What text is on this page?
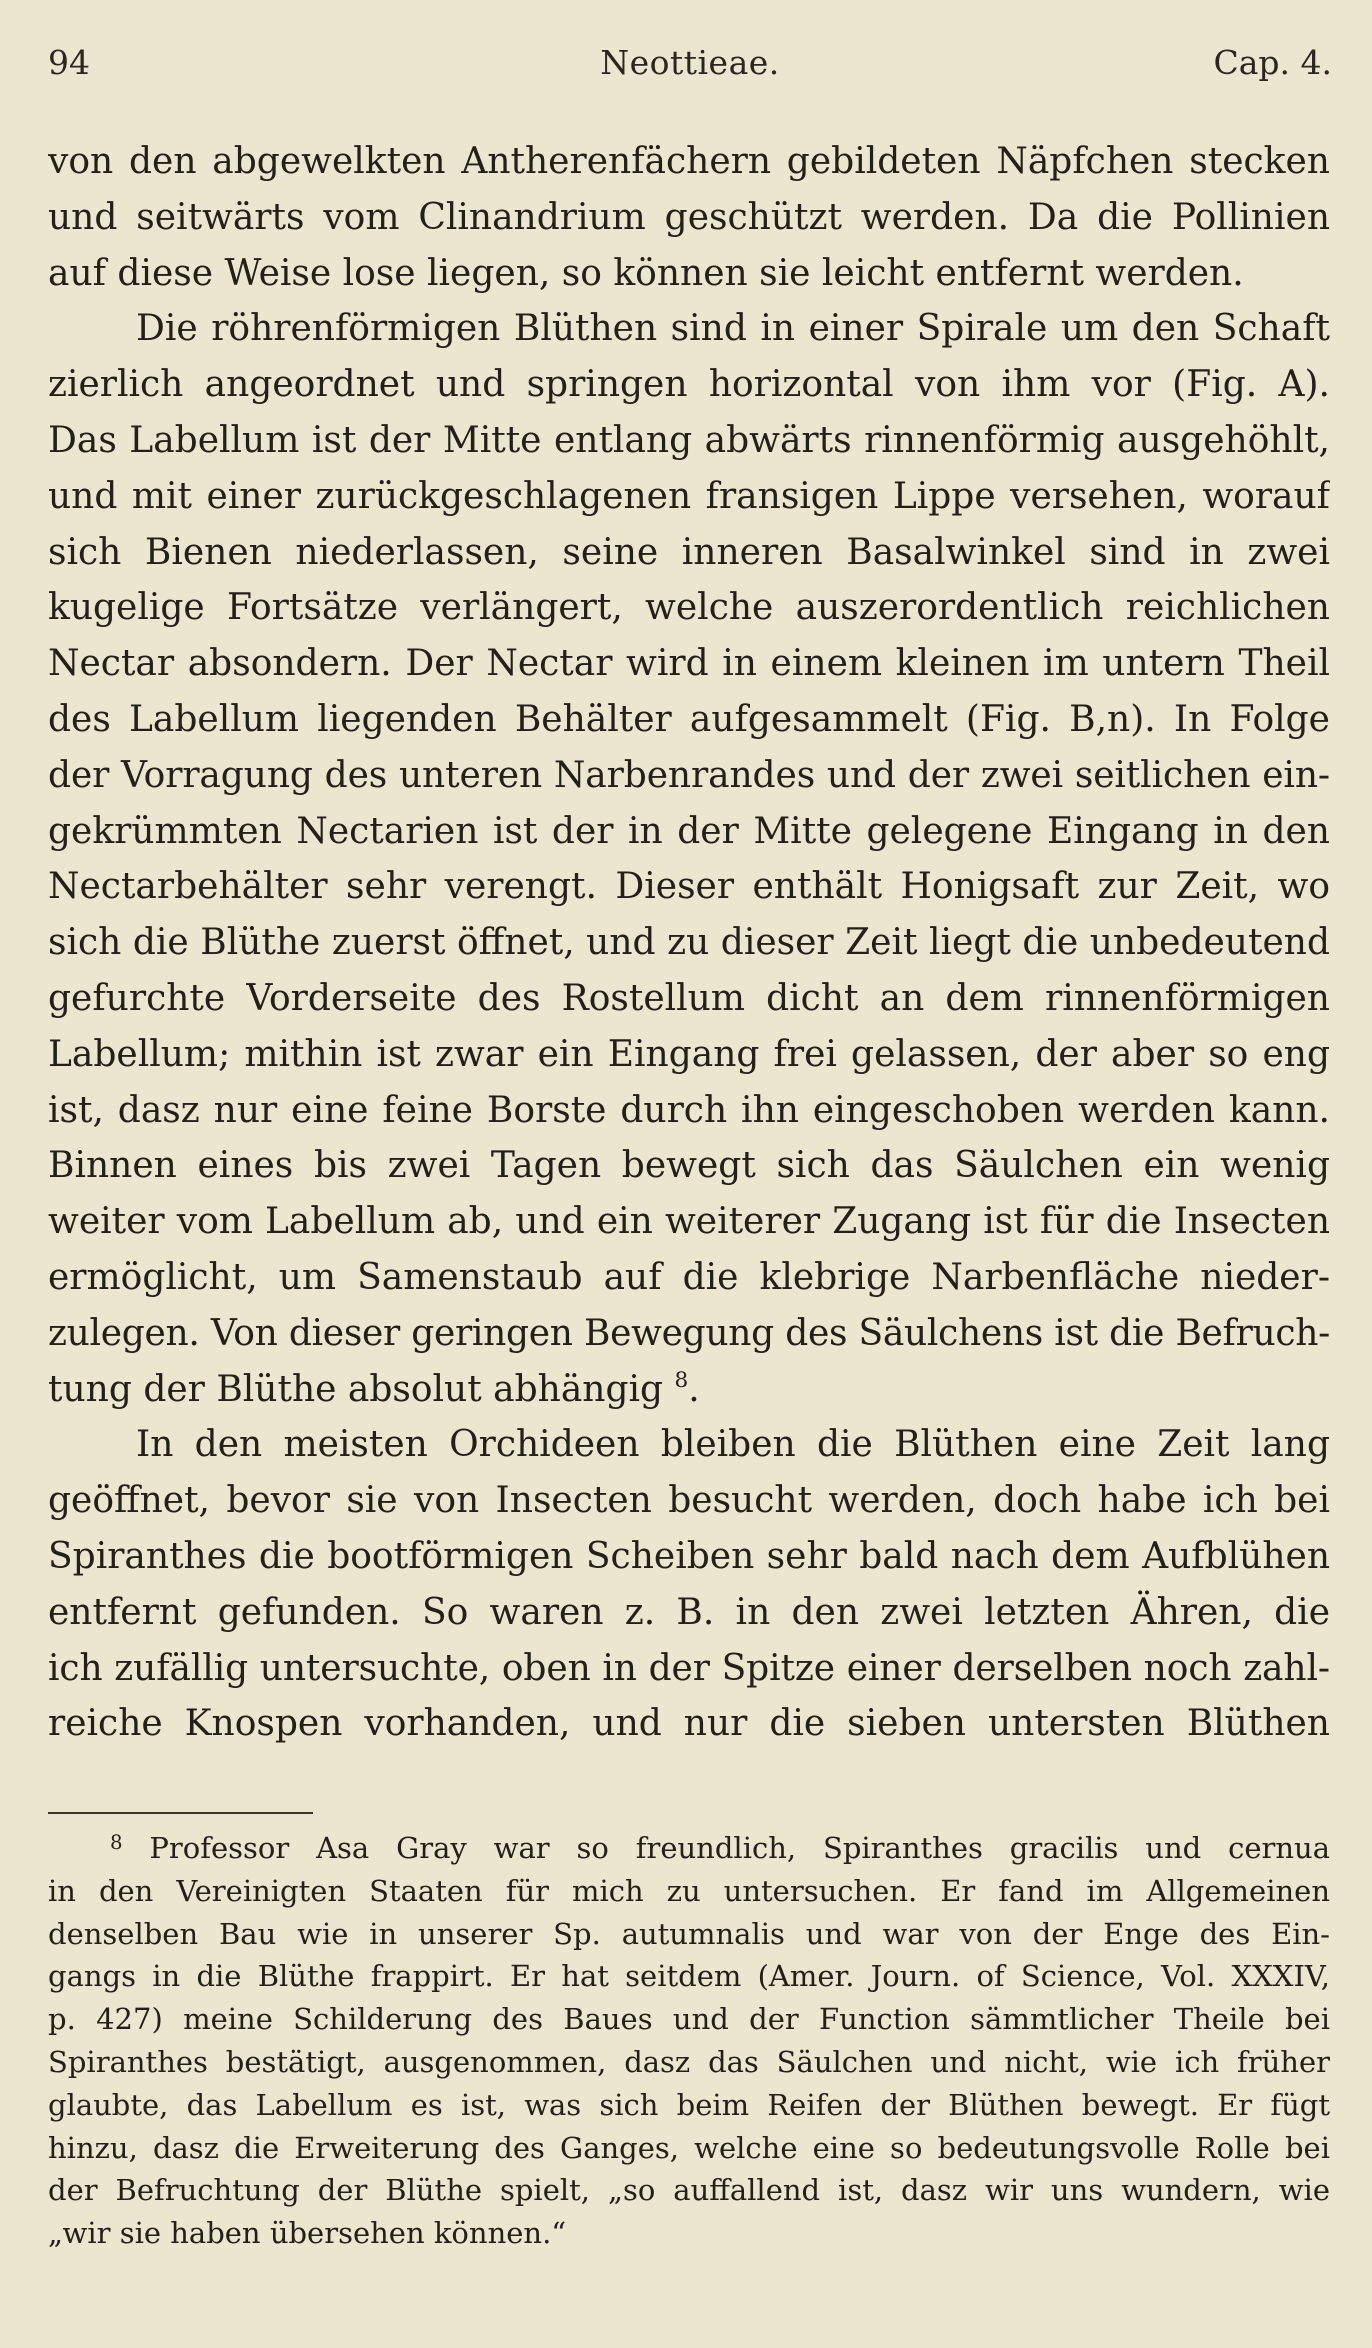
94	Neottieae.	Cap. 4.
von den abgewelkten Antherenfächern gebildeten Näpfchen stecken
und seitwärts vom Clinandrium geschützt werden. Da die Pollinien
auf diese Weise lose liegen, so können sie leicht entfernt werden.
Die röhrenförmigen Blüthen sind in einer Spirale um den Schaft
zierlich angeordnet und springen horizontal von ihm vor (Fig. A).
Das Labellum ist der Mitte entlang abwärts rinnenförmig ausgehöhlt,
und mit einer zurückgeschlagenen fransigen Lippe versehen, worauf
sich Bienen niederlassen, seine inneren Basalwinkel sind in zwei
kugelige Fortsätze verlängert, welche auszerordentlich reichlichen
Nectar absondern. Der Nectar wird in einem kleinen im untern Theil
des Labellum liegenden Behälter aufgesammelt (Fig. B,n). In Folge
der Vorragung des unteren Narbenrandes und der zwei seitlichen ein-
gekrümmten Nectarien ist der in der Mitte gelegene Eingang in den
Nectarbehälter sehr verengt. Dieser enthält Honigsaft zur Zeit, wo
sich die Blüthe zuerst öffnet, und zu dieser Zeit liegt die unbedeutend
gefurchte Vorderseite des Rostellum dicht an dem rinnenförmigen
Labellum; mithin ist zwar ein Eingang frei gelassen, der aber so eng
ist, dasz nur eine feine Borste durch ihn eingeschoben werden kann.
Binnen eines bis zwei Tagen bewegt sich das Säulchen ein wenig
weiter vom Labellum ab, und ein weiterer Zugang ist für die Insecten
ermöglicht, um Samenstaub auf die klebrige Narbenfläche nieder-
zulegen. Von dieser geringen Bewegung des Säulchens ist die Befruch-
tung der Blüthe absolut abhängig $^8$.
In den meisten Orchideen bleiben die Blüthen eine Zeit lang
geöffnet, bevor sie von Insecten besucht werden, doch habe ich bei
Spiranthes die bootförmigen Scheiben sehr bald nach dem Aufblühen
entfernt gefunden. So waren z. B. in den zwei letzten Ähren, die
ich zufällig untersuchte, oben in der Spitze einer derselben noch zahl-
reiche Knospen vorhanden, und nur die sieben untersten Blüthen
$^8$ Professor Asa Gray war so freundlich, Spiranthes gracilis und cernua
in den Vereinigten Staaten für mich zu untersuchen. Er fand im Allgemeinen
denselben Bau wie in unserer Sp. autumnalis und war von der Enge des Ein-
gangs in die Blüthe frappirt. Er hat seitdem (Amer. Journ. of Science, Vol. XXXIV,
p. 427) meine Schilderung des Baues und der Function sämmtlicher Theile bei
Spiranthes bestätigt, ausgenommen, dasz das Säulchen und nicht, wie ich früher
glaubte, das Labellum es ist, was sich beim Reifen der Blüthen bewegt. Er fügt
hinzu, dasz die Erweiterung des Ganges, welche eine so bedeutungsvolle Rolle bei
der Befruchtung der Blüthe spielt, „so auffallend ist, dasz wir uns wundern, wie
„wir sie haben übersehen können.“
